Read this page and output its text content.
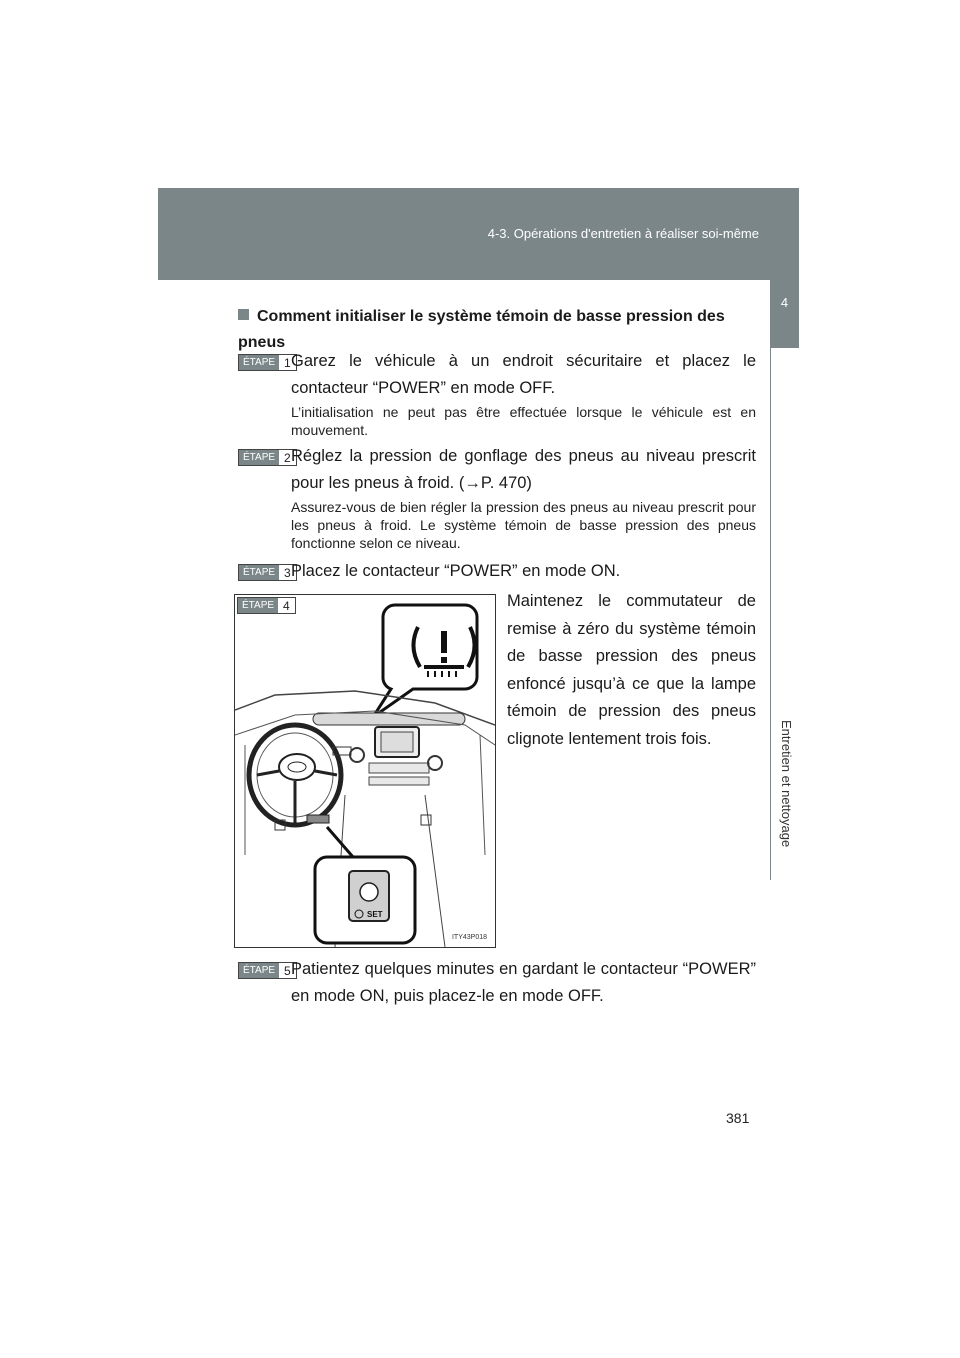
4-3. Opérations d'entretien à réaliser soi-même
4
Entretien et nettoyage
Comment initialiser le système témoin de basse pression des pneus
ÉTAPE 1 Garez le véhicule à un endroit sécuritaire et placez le contacteur “POWER” en mode OFF.
L’initialisation ne peut pas être effectuée lorsque le véhicule est en mouvement.
ÉTAPE 2 Réglez la pression de gonflage des pneus au niveau prescrit pour les pneus à froid. (→P. 470)
Assurez-vous de bien régler la pression des pneus au niveau prescrit pour les pneus à froid. Le système témoin de basse pression des pneus fonctionne selon ce niveau.
ÉTAPE 3 Placez le contacteur “POWER” en mode ON.
ÉTAPE 4
SET
ITY43P018
Maintenez le commutateur de remise à zéro du système témoin de basse pression des pneus enfoncé jusqu’à ce que la lampe témoin de pression des pneus clignote lentement trois fois.
ÉTAPE 5 Patientez quelques minutes en gardant le contacteur “POWER” en mode ON, puis placez-le en mode OFF.
381
